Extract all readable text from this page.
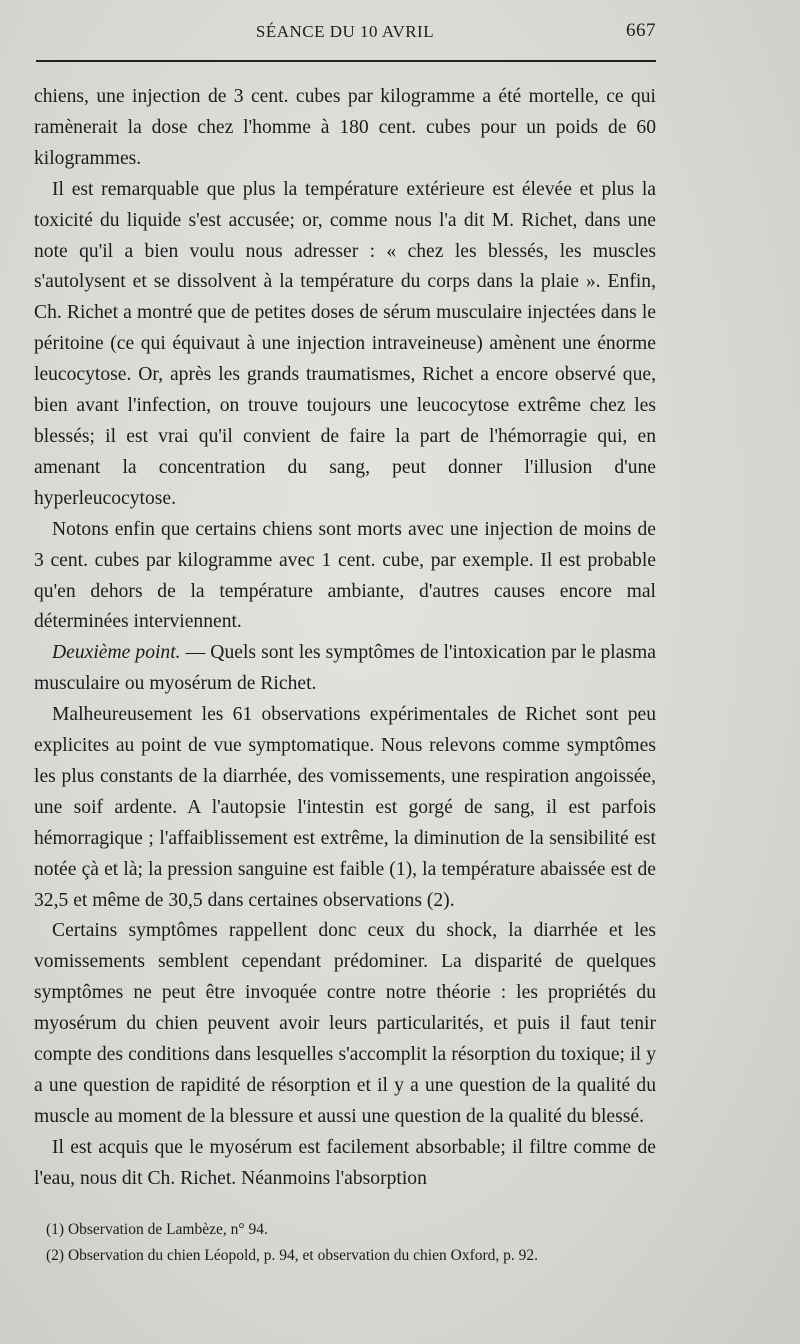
SÉANCE DU 10 AVRIL	667

chiens, une injection de 3 cent. cubes par kilogramme a été mortelle, ce qui ramènerait la dose chez l'homme à 180 cent. cubes pour un poids de 60 kilogrammes.

Il est remarquable que plus la température extérieure est élevée et plus la toxicité du liquide s'est accusée; or, comme nous l'a dit M. Richet, dans une note qu'il a bien voulu nous adresser : « chez les blessés, les muscles s'autolysent et se dissolvent à la température du corps dans la plaie ». Enfin, Ch. Richet a montré que de petites doses de sérum musculaire injectées dans le péritoine (ce qui équivaut à une injection intraveineuse) amènent une énorme leucocytose. Or, après les grands traumatismes, Richet a encore observé que, bien avant l'infection, on trouve toujours une leucocytose extrême chez les blessés; il est vrai qu'il convient de faire la part de l'hémorragie qui, en amenant la concentration du sang, peut donner l'illusion d'une hyperleucocytose.

Notons enfin que certains chiens sont morts avec une injection de moins de 3 cent. cubes par kilogramme avec 1 cent. cube, par exemple. Il est probable qu'en dehors de la température ambiante, d'autres causes encore mal déterminées interviennent.

Deuxième point. — Quels sont les symptômes de l'intoxication par le plasma musculaire ou myosérum de Richet.

Malheureusement les 61 observations expérimentales de Richet sont peu explicites au point de vue symptomatique. Nous relevons comme symptômes les plus constants de la diarrhée, des vomissements, une respiration angoissée, une soif ardente. A l'autopsie l'intestin est gorgé de sang, il est parfois hémorragique ; l'affaiblissement est extrême, la diminution de la sensibilité est notée çà et là; la pression sanguine est faible (1), la température abaissée est de 32,5 et même de 30,5 dans certaines observations (2).

Certains symptômes rappellent donc ceux du shock, la diarrhée et les vomissements semblent cependant prédominer. La disparité de quelques symptômes ne peut être invoquée contre notre théorie : les propriétés du myosérum du chien peuvent avoir leurs particularités, et puis il faut tenir compte des conditions dans lesquelles s'accomplit la résorption du toxique; il y a une question de rapidité de résorption et il y a une question de la qualité du muscle au moment de la blessure et aussi une question de la qualité du blessé.

Il est acquis que le myosérum est facilement absorbable; il filtre comme de l'eau, nous dit Ch. Richet. Néanmoins l'absorption

(1) Observation de Lambèze, n° 94.

(2) Observation du chien Léopold, p. 94, et observation du chien Oxford, p. 92.
